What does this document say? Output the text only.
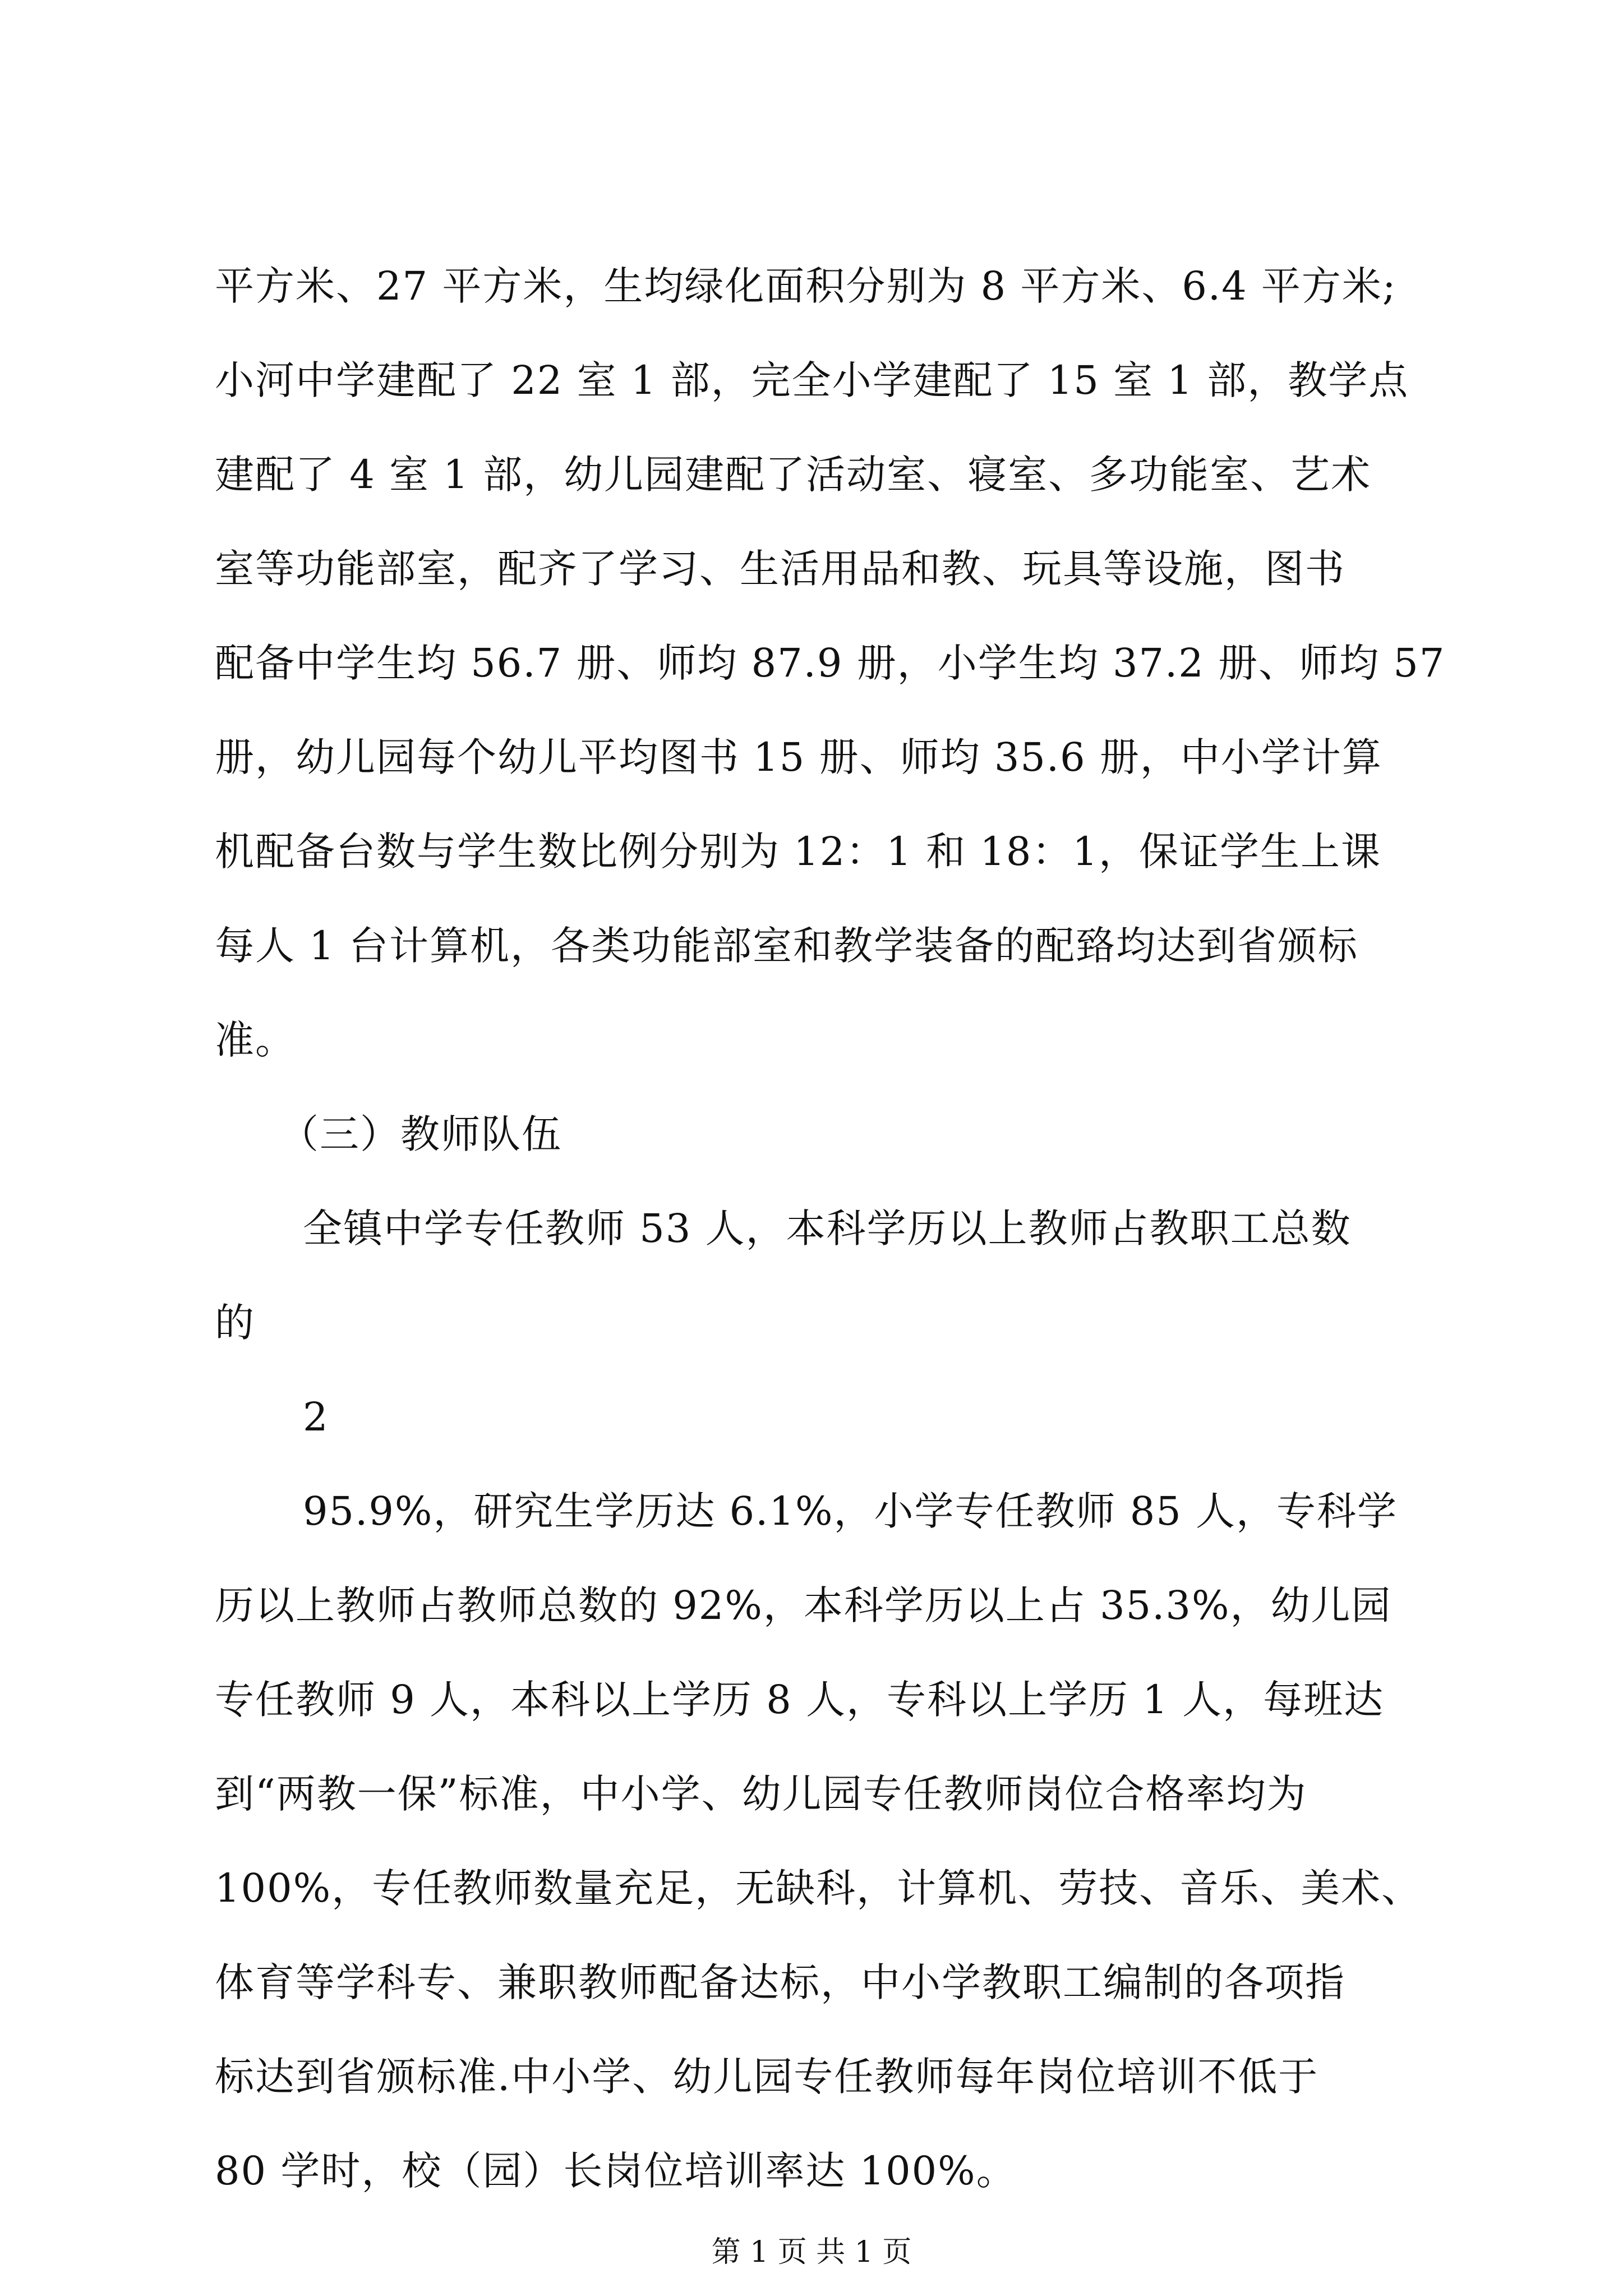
平方米、27 平方米，生均绿化面积分别为 8 平方米、6.4 平方米;
小河中学建配了 22 室 1 部，完全小学建配了 15 室 1 部，教学点
建配了 4 室 1 部，幼儿园建配了活动室、寝室、多功能室、艺术
室等功能部室，配齐了学习、生活用品和教、玩具等设施，图书
配备中学生均 56.7 册、师均 87.9 册，小学生均 37.2 册、师均 57
册，幼儿园每个幼儿平均图书 15 册、师均 35.6 册，中小学计算
机配备台数与学生数比例分别为 12：1 和 18：1，保证学生上课
每人 1 台计算机，各类功能部室和教学装备的配臵均达到省颁标
准。
（三）教师队伍
全镇中学专任教师 53 人，本科学历以上教师占教职工总数
的
2
95.9%，研究生学历达 6.1%，小学专任教师 85 人，专科学
历以上教师占教师总数的 92%，本科学历以上占 35.3%，幼儿园
专任教师 9 人，本科以上学历 8 人，专科以上学历 1 人，每班达
到“两教一保”标准，中小学、幼儿园专任教师岗位合格率均为
100%，专任教师数量充足，无缺科，计算机、劳技、音乐、美术、
体育等学科专、兼职教师配备达标，中小学教职工编制的各项指
标达到省颁标准.中小学、幼儿园专任教师每年岗位培训不低于
80 学时，校（园）长岗位培训率达 100%。
第 1 页 共 1 页
